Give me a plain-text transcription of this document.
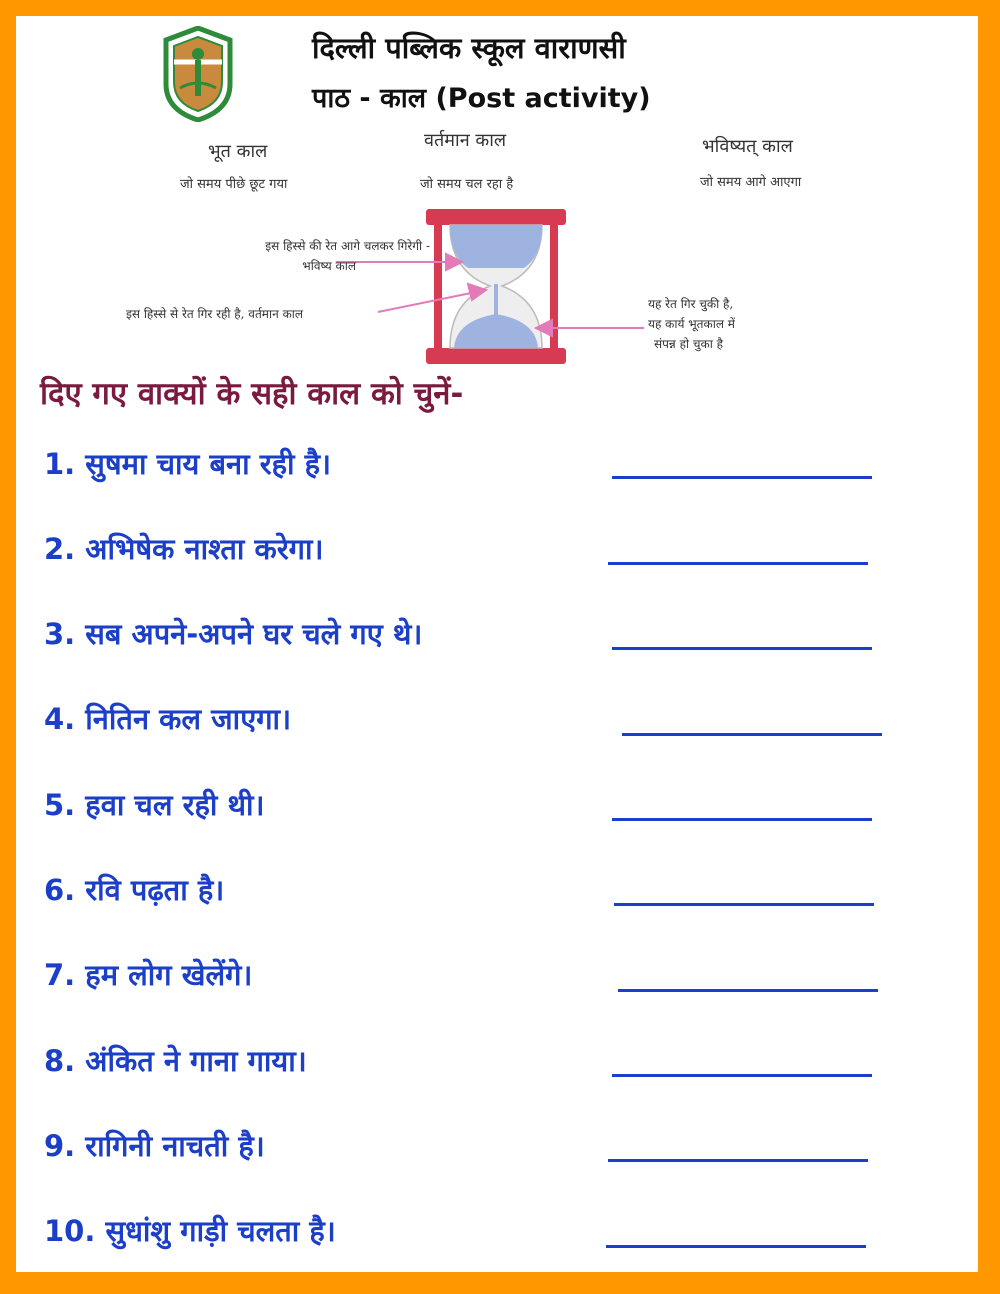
दिल्ली पब्लिक स्कूल वाराणसी
पाठ - काल (Post activity)
भूत काल
जो समय पीछे छूट गया
वर्तमान काल
जो समय चल रहा है
भविष्यत् काल
जो समय आगे आएगा
इस हिस्से की रेत आगे चलकर गिरेगी -
भविष्य काल
इस हिस्से से रेत गिर रही है, वर्तमान काल
यह रेत गिर चुकी है,
यह कार्य भूतकाल में
संपन्न हो चुका है
दिए गए वाक्यों के सही काल को चुनें-
1. सुषमा चाय बना रही है।
2. अभिषेक नाश्ता करेगा।
3. सब अपने-अपने घर चले गए थे।
4. नितिन कल जाएगा।
5. हवा चल रही थी।
6. रवि पढ़ता है।
7. हम लोग खेलेंगे।
8. अंकित ने गाना गाया।
9. रागिनी नाचती है।
10. सुधांशु गाड़ी चलता है।
